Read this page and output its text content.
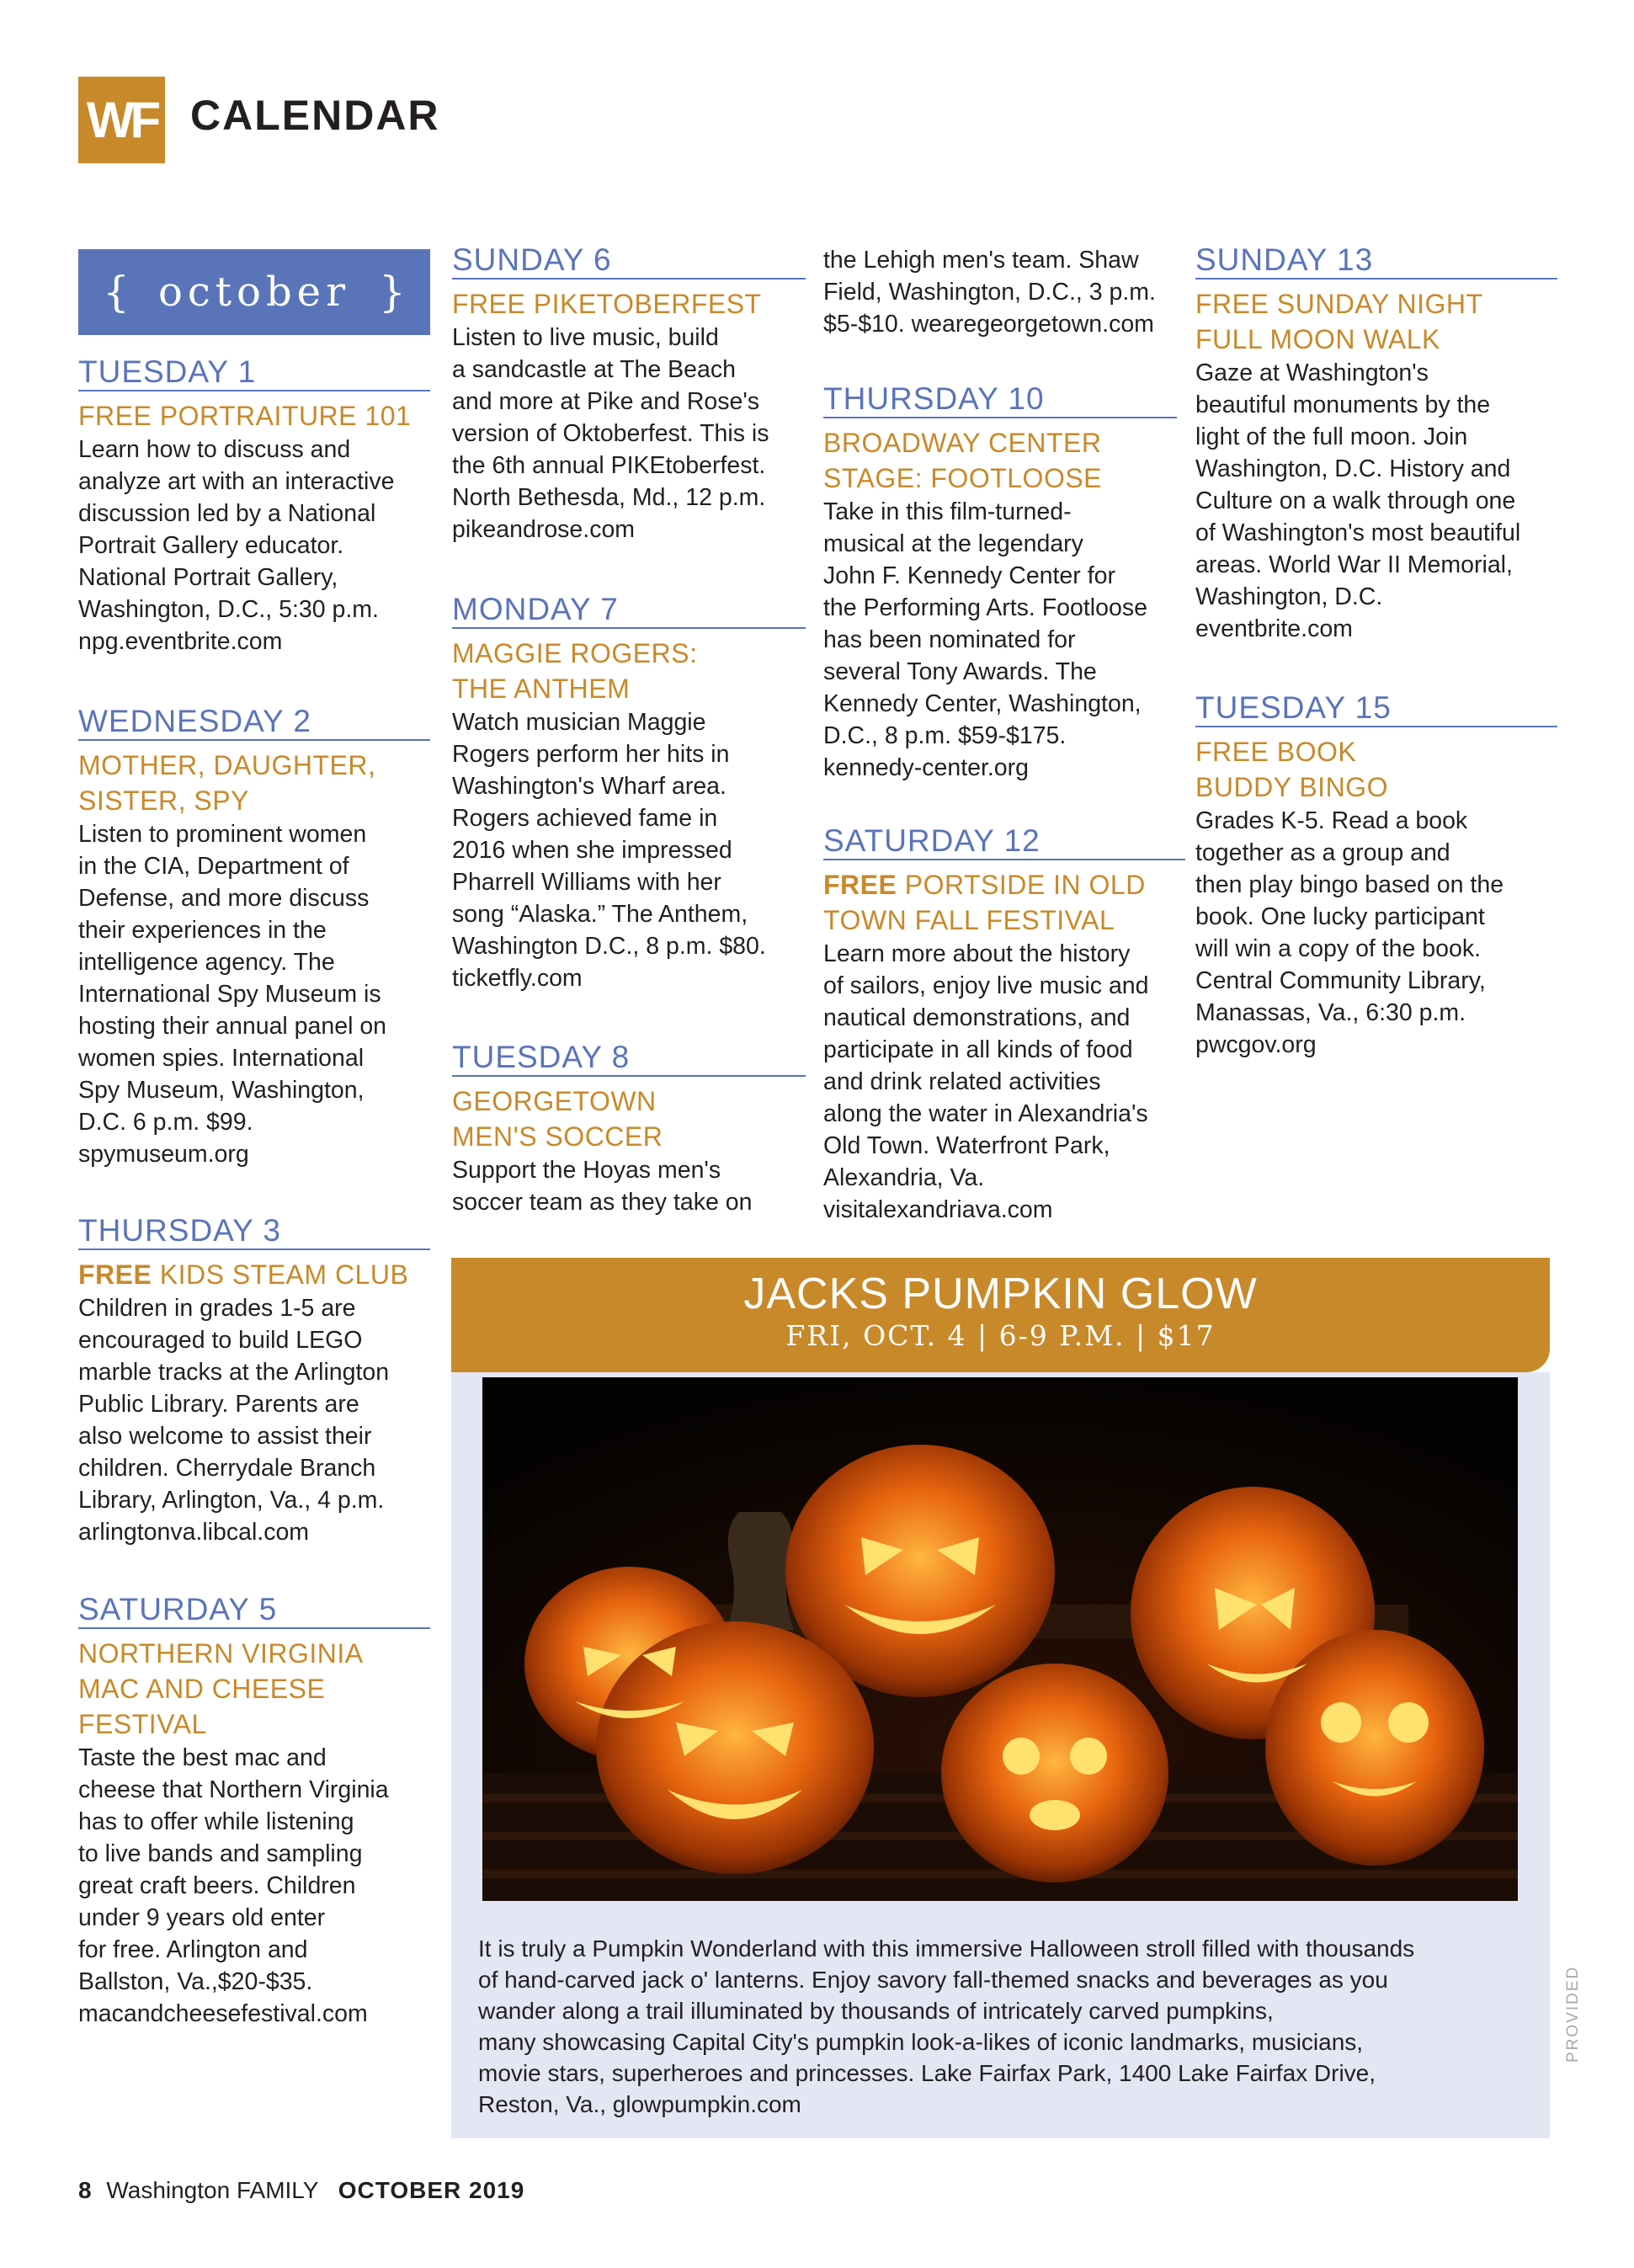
WF CALENDAR
{ october }
TUESDAY 1
FREE PORTRAITURE 101

Learn how to discuss and

analyze art with an interactive

discussion led by a National

Portrait Gallery educator.

National Portrait Gallery,

Washington, D.C., 5:30 p.m.

npg.eventbrite.com

WEDNESDAY 2
MOTHER, DAUGHTER,
SISTER, SPY

Listen to prominent women

in the CIA, Department of

Defense, and more discuss

their experiences in the

intelligence agency. The

International Spy Museum is

hosting their annual panel on

women spies. International

Spy Museum, Washington,

D.C. 6 p.m. $99.

spymuseum.org

THURSDAY 3
FREE KIDS STEAM CLUB

Children in grades 1-5 are

encouraged to build LEGO

marble tracks at the Arlington

Public Library. Parents are

also welcome to assist their

children. Cherrydale Branch

Library, Arlington, Va., 4 p.m.

arlingtonva.libcal.com

SATURDAY 5
NORTHERN VIRGINIA
MAC AND CHEESE
FESTIVAL

Taste the best mac and

cheese that Northern Virginia

has to offer while listening

to live bands and sampling

great craft beers. Children

under 9 years old enter

for free. Arlington and

Ballston, Va.,$20-$35.

macandcheesefestival.com

SUNDAY 6
FREE PIKETOBERFEST

Listen to live music, build

a sandcastle at The Beach

and more at Pike and Rose's

version of Oktoberfest. This is

the 6th annual PIKEtoberfest.

North Bethesda, Md., 12 p.m.

pikeandrose.com

MONDAY 7
MAGGIE ROGERS:
THE ANTHEM

Watch musician Maggie

Rogers perform her hits in

Washington's Wharf area.

Rogers achieved fame in

2016 when she impressed

Pharrell Williams with her

song “Alaska.” The Anthem,

Washington D.C., 8 p.m. $80.

ticketfly.com

TUESDAY 8
GEORGETOWN
MEN'S SOCCER

Support the Hoyas men's

soccer team as they take on

the Lehigh men's team. Shaw

Field, Washington, D.C., 3 p.m.

$5-$10. wearegeorgetown.com

THURSDAY 10
BROADWAY CENTER
STAGE: FOOTLOOSE

Take in this film-turned-

musical at the legendary

John F. Kennedy Center for

the Performing Arts. Footloose

has been nominated for

several Tony Awards. The

Kennedy Center, Washington,

D.C., 8 p.m. $59-$175.

kennedy-center.org

SATURDAY 12
FREE PORTSIDE IN OLD
TOWN FALL FESTIVAL

Learn more about the history

of sailors, enjoy live music and

nautical demonstrations, and

participate in all kinds of food

and drink related activities

along the water in Alexandria's

Old Town. Waterfront Park,

Alexandria, Va.

visitalexandriava.com

SUNDAY 13
FREE SUNDAY NIGHT
FULL MOON WALK

Gaze at Washington's

beautiful monuments by the

light of the full moon. Join

Washington, D.C. History and

Culture on a walk through one

of Washington's most beautiful

areas. World War II Memorial,

Washington, D.C.

eventbrite.com

TUESDAY 15
FREE BOOK
BUDDY BINGO

Grades K-5. Read a book

together as a group and

then play bingo based on the

book. One lucky participant

will win a copy of the book.

Central Community Library,

Manassas, Va., 6:30 p.m.

pwcgov.org

JACKS PUMPKIN GLOW
FRI, OCT. 4 | 6-9 P.M. | $17

It is truly a Pumpkin Wonderland with this immersive Halloween stroll filled with thousands

of hand-carved jack o' lanterns. Enjoy savory fall-themed snacks and beverages as you

wander along a trail illuminated by thousands of intricately carved pumpkins,

many showcasing Capital City's pumpkin look-a-likes of iconic landmarks, musicians,

movie stars, superheroes and princesses. Lake Fairfax Park, 1400 Lake Fairfax Drive,

Reston, Va., glowpumpkin.com

PROVIDED
8 Washington FAMILY OCTOBER 2019
